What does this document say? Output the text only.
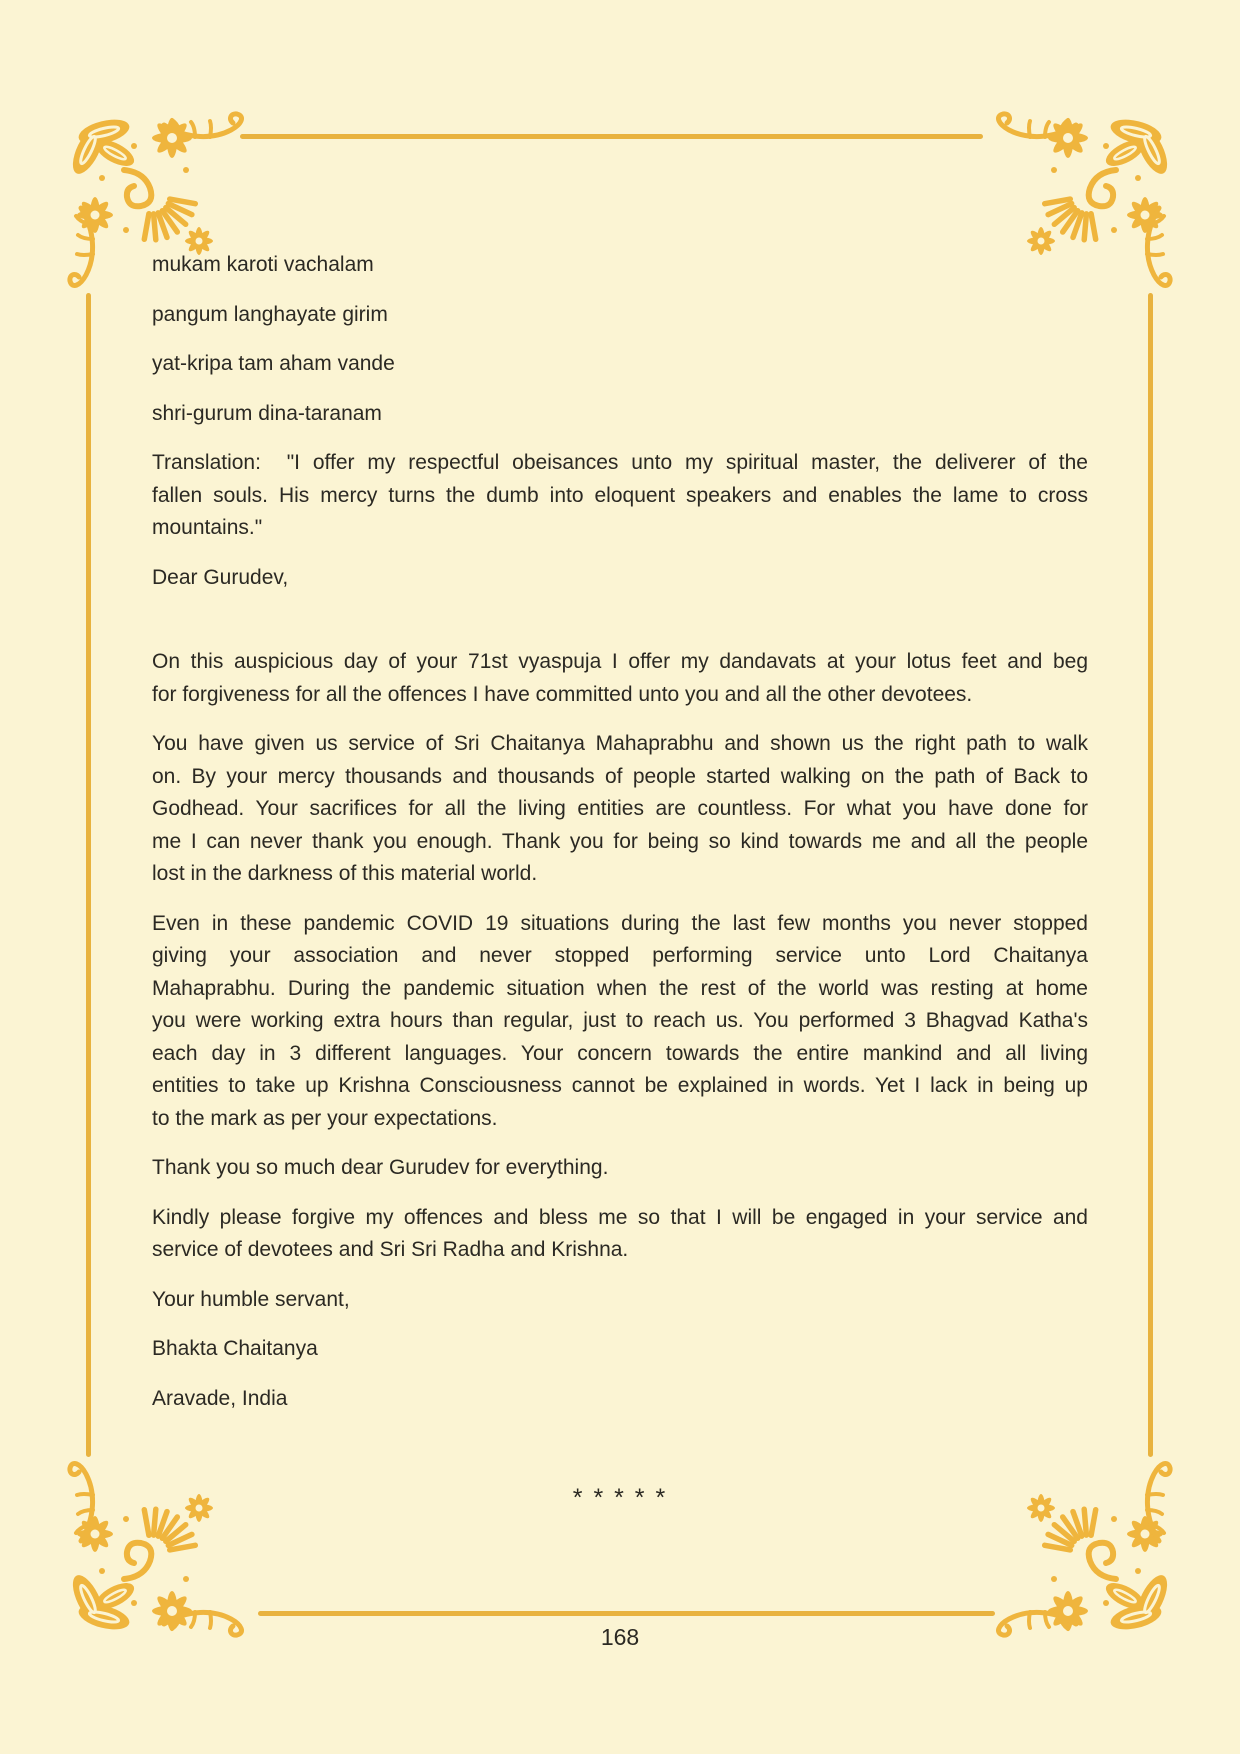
mukam karoti vachalam
pangum langhayate girim
yat-kripa tam aham vande
shri-gurum dina-taranam
Translation:  "I offer my respectful obeisances unto my spiritual master, the deliverer of the
fallen souls. His mercy turns the dumb into eloquent speakers and enables the lame to cross
mountains."
Dear Gurudev,
On this auspicious day of your 71st vyaspuja I offer my dandavats at your lotus feet and beg
for forgiveness for all the offences I have committed unto you and all the other devotees.
You have given us service of Sri Chaitanya Mahaprabhu and shown us the right path to walk
on. By your mercy thousands and thousands of people started walking on the path of Back to
Godhead. Your sacrifices for all the living entities are countless. For what you have done for
me I can never thank you enough. Thank you for being so kind towards me and all the people
lost in the darkness of this material world.
Even in these pandemic COVID 19 situations during the last few months you never stopped
giving your association and never stopped performing service unto Lord Chaitanya
Mahaprabhu. During the pandemic situation when the rest of the world was resting at home
you were working extra hours than regular, just to reach us. You performed 3 Bhagvad Katha's
each day in 3 different languages. Your concern towards the entire mankind and all living
entities to take up Krishna Consciousness cannot be explained in words. Yet I lack in being up
to the mark as per your expectations.
Thank you so much dear Gurudev for everything.
Kindly please forgive my offences and bless me so that I will be engaged in your service and
service of devotees and Sri Sri Radha and Krishna.
Your humble servant,
Bhakta Chaitanya
Aravade, India
* * * * *
168
